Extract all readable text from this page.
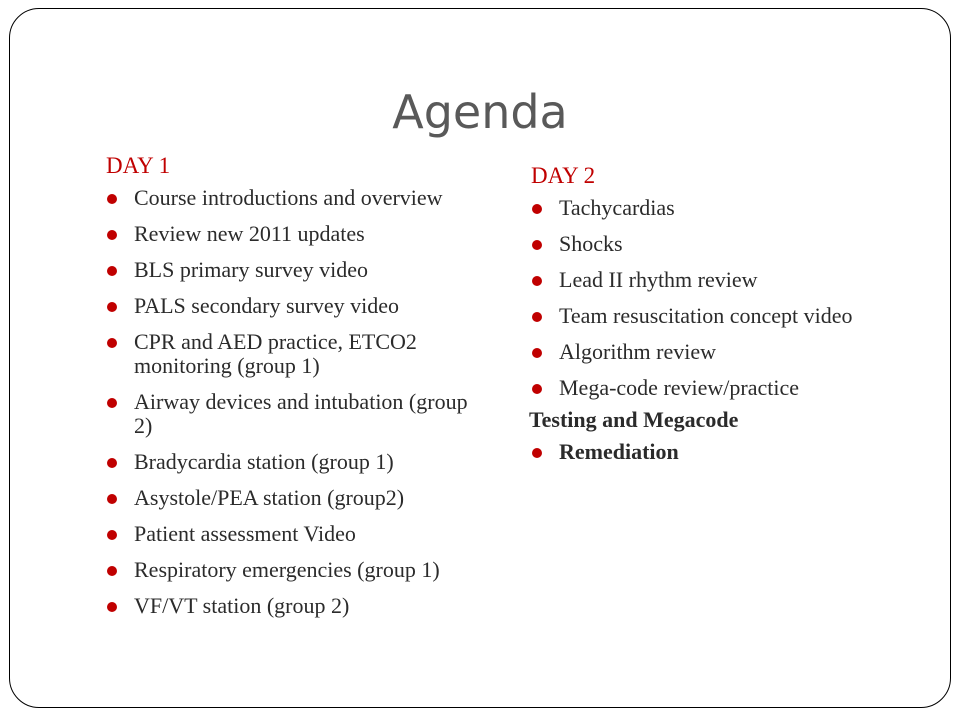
Agenda
DAY 1
Course introductions and overview
Review new 2011 updates
BLS primary survey video
PALS secondary survey video
CPR and AED practice, ETCO2 monitoring (group 1)
Airway devices and intubation (group 2)
Bradycardia station (group 1)
Asystole/PEA station (group2)
Patient assessment Video
Respiratory emergencies (group 1)
VF/VT station (group 2)
DAY 2
Tachycardias
Shocks
Lead II rhythm review
Team resuscitation concept video
Algorithm review
Mega-code review/practice
Testing and Megacode
Remediation
